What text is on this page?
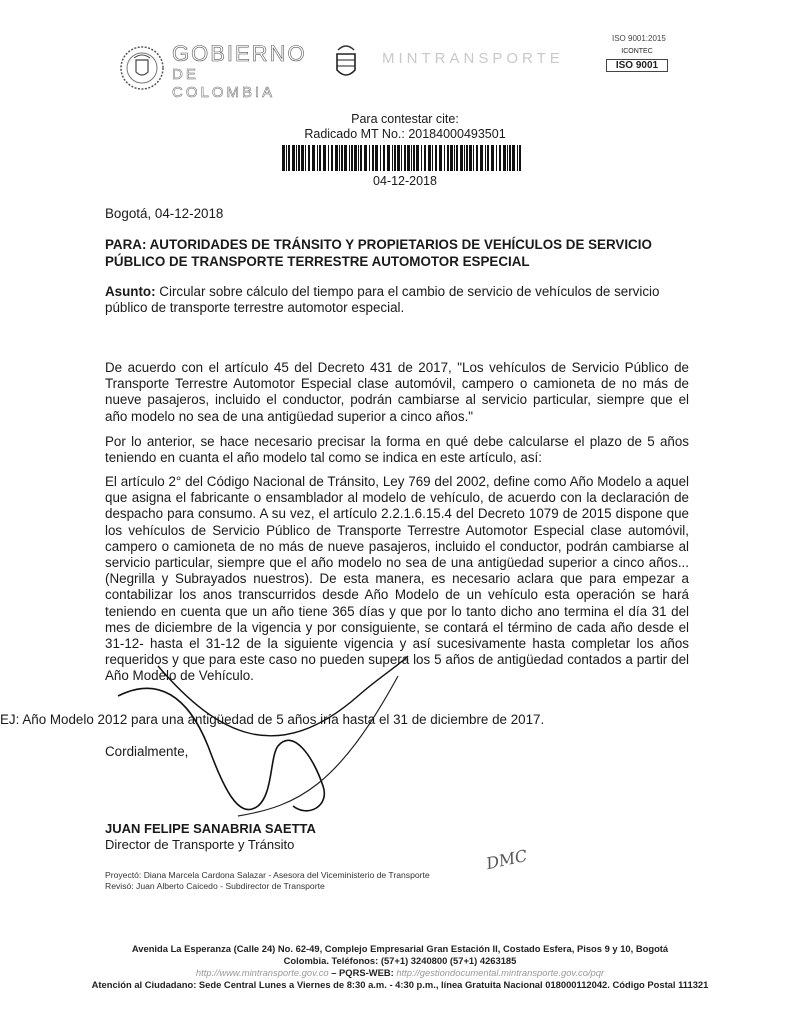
GOBIERNO
DE COLOMBIA
MINTRANSPORTE
ISO 9001:2015
ICONTEC
ISO 9001
Para contestar cite:
Radicado MT No.: 20184000493501
04-12-2018
Bogotá, 04-12-2018
PARA: AUTORIDADES DE TRÁNSITO Y PROPIETARIOS DE VEHÍCULOS DE SERVICIO PÚBLICO DE TRANSPORTE TERRESTRE AUTOMOTOR ESPECIAL
Asunto: Circular sobre cálculo del tiempo para el cambio de servicio de vehículos de servicio público de transporte terrestre automotor especial.
De acuerdo con el artículo 45 del Decreto 431 de 2017, "Los vehículos de Servicio Público de Transporte Terrestre Automotor Especial clase automóvil, campero o camioneta de no más de nueve pasajeros, incluido el conductor, podrán cambiarse al servicio particular, siempre que el año modelo no sea de una antigüedad superior a cinco años."
Por lo anterior, se hace necesario precisar la forma en qué debe calcularse el plazo de 5 años teniendo en cuanta el año modelo tal como se indica en este artículo, así:
El artículo 2° del Código Nacional de Tránsito, Ley 769 del 2002, define como Año Modelo a aquel que asigna el fabricante o ensamblador al modelo de vehículo, de acuerdo con la declaración de despacho para consumo. A su vez, el artículo 2.2.1.6.15.4 del Decreto 1079 de 2015 dispone que los vehículos de Servicio Público de Transporte Terrestre Automotor Especial clase automóvil, campero o camioneta de no más de nueve pasajeros, incluido el conductor, podrán cambiarse al servicio particular, siempre que el año modelo no sea de una antigüedad superior a cinco años... (Negrilla y Subrayados nuestros). De esta manera, es necesario aclara que para empezar a contabilizar los anos transcurridos desde Año Modelo de un vehículo esta operación se hará teniendo en cuenta que un año tiene 365 días y que por lo tanto dicho ano termina el día 31 del mes de diciembre de la vigencia y por consiguiente, se contará el término de cada año desde el 31-12- hasta el 31-12 de la siguiente vigencia y así sucesivamente hasta completar los años requeridos y que para este caso no pueden supera los 5 años de antigüedad contados a partir del Año Modelo de Vehículo.
EJ: Año Modelo 2012 para una antigüedad de 5 años iría hasta el 31 de diciembre de 2017.
Cordialmente,
JUAN FELIPE SANABRIA SAETTA
Director de Transporte y Tránsito
Proyectó: Diana Marcela Cardona Salazar - Asesora del Viceministerio de Transporte
Revisó: Juan Alberto Caicedo - Subdirector de Transporte
DMC
Avenida La Esperanza (Calle 24) No. 62-49, Complejo Empresarial Gran Estación II, Costado Esfera, Pisos 9 y 10, Bogotá
Colombia. Teléfonos: (57+1) 3240800 (57+1) 4263185
http://www.mintransporte.gov.co – PQRS-WEB: http://gestiondocumental.mintransporte.gov.co/pqr
Atención al Ciudadano: Sede Central Lunes a Viernes de 8:30 a.m. - 4:30 p.m., línea Gratuita Nacional 018000112042. Código Postal 111321
